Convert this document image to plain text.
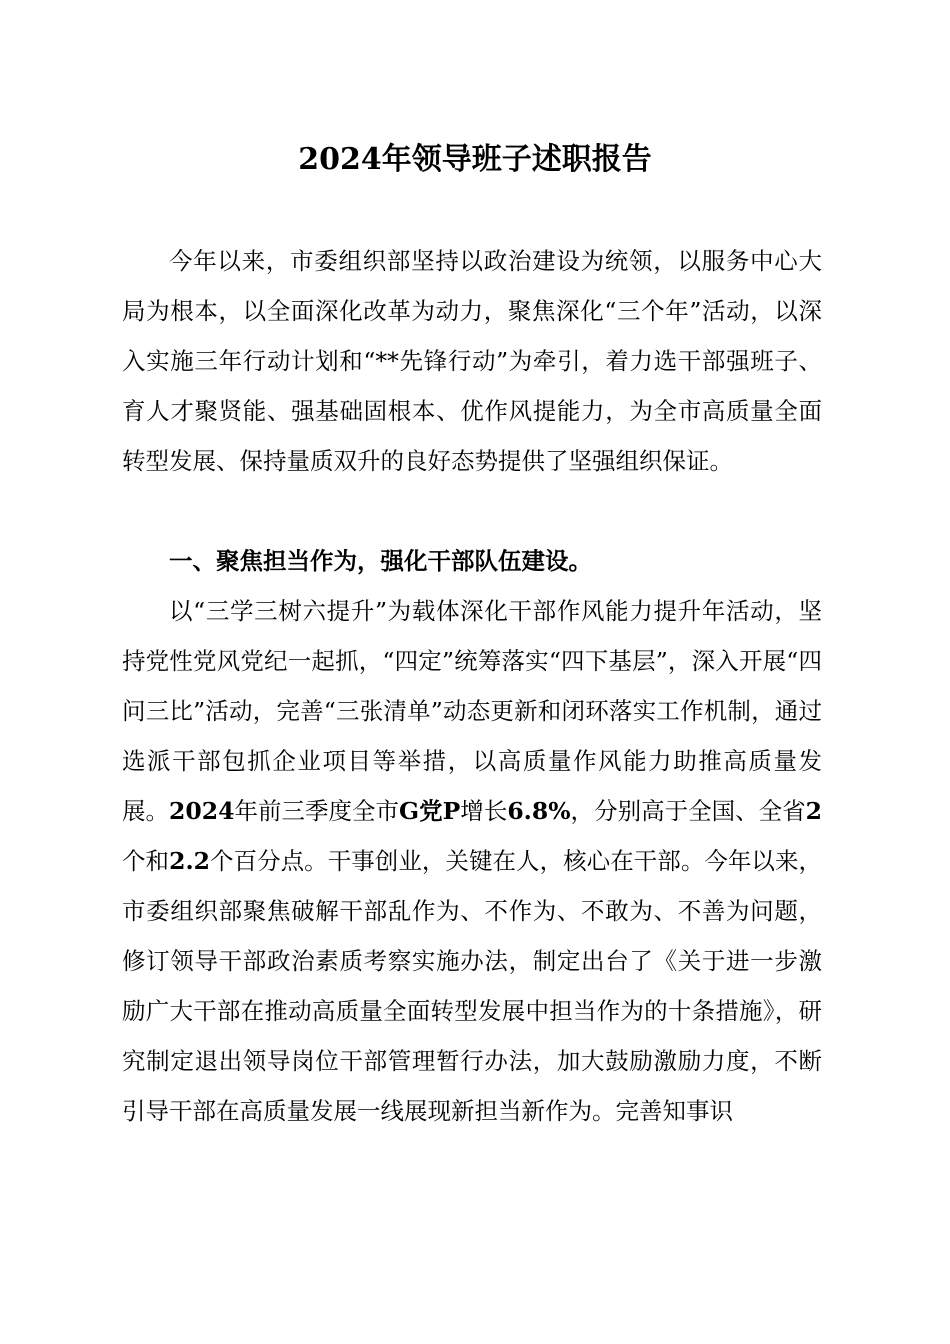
2024年领导班子述职报告

今年以来，市委组织部坚持以政治建设为统领，以服务中心大局为根本，以全面深化改革为动力，聚焦深化“三个年”活动，以深入实施三年行动计划和“**先锋行动”为牵引，着力选干部强班子、育人才聚贤能、强基础固根本、优作风提能力，为全市高质量全面转型发展、保持量质双升的良好态势提供了坚强组织保证。

一、聚焦担当作为，强化干部队伍建设。

以“三学三树六提升”为载体深化干部作风能力提升年活动，坚持党性党风党纪一起抓，“四定”统筹落实“四下基层”，深入开展“四问三比”活动，完善“三张清单”动态更新和闭环落实工作机制，通过选派干部包抓企业项目等举措，以高质量作风能力助推高质量发展。2024年前三季度全市G党P增长6.8%，分别高于全国、全省2个和2.2个百分点。干事创业，关键在人，核心在干部。今年以来，市委组织部聚焦破解干部乱作为、不作为、不敢为、不善为问题，修订领导干部政治素质考察实施办法，制定出台了《关于进一步激励广大干部在推动高质量全面转型发展中担当作为的十条措施》，研究制定退出领导岗位干部管理暂行办法，加大鼓励激励力度，不断引导干部在高质量发展一线展现新担当新作为。完善知事识
